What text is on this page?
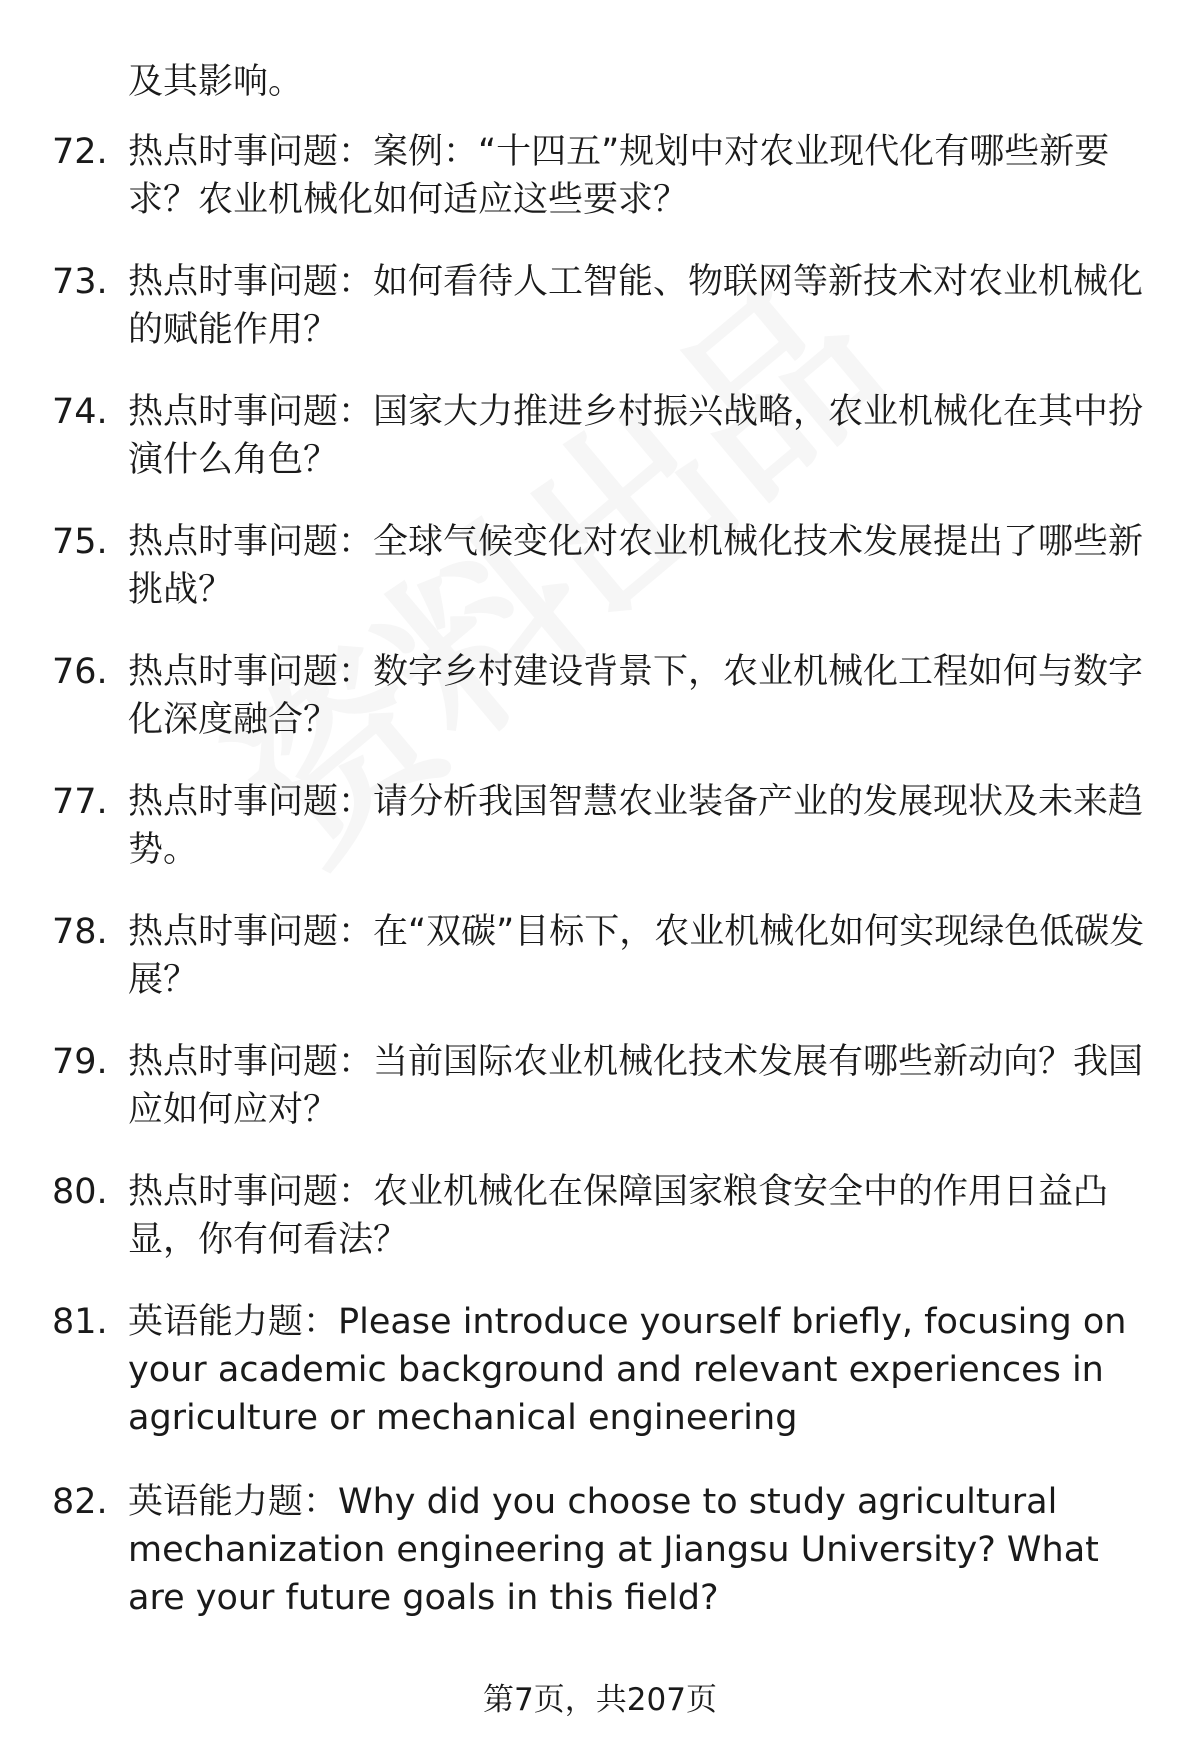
及其影响。
72. 热点时事问题：案例：“十四五”规划中对农业现代化有哪些新要求？农业机械化如何适应这些要求？
73. 热点时事问题：如何看待人工智能、物联网等新技术对农业机械化的赋能作用？
74. 热点时事问题：国家大力推进乡村振兴战略，农业机械化在其中扮演什么角色？
75. 热点时事问题：全球气候变化对农业机械化技术发展提出了哪些新挑战？
76. 热点时事问题：数字乡村建设背景下，农业机械化工程如何与数字化深度融合？
77. 热点时事问题：请分析我国智慧农业装备产业的发展现状及未来趋势。
78. 热点时事问题：在“双碳”目标下，农业机械化如何实现绿色低碳发展？
79. 热点时事问题：当前国际农业机械化技术发展有哪些新动向？我国应如何应对？
80. 热点时事问题：农业机械化在保障国家粮食安全中的作用日益凸显，你有何看法？
81. 英语能力题：Please introduce yourself briefly, focusing on your academic background and relevant experiences in agriculture or mechanical engineering
82. 英语能力题：Why did you choose to study agricultural mechanization engineering at Jiangsu University? What are your future goals in this field?
第7页，共207页
